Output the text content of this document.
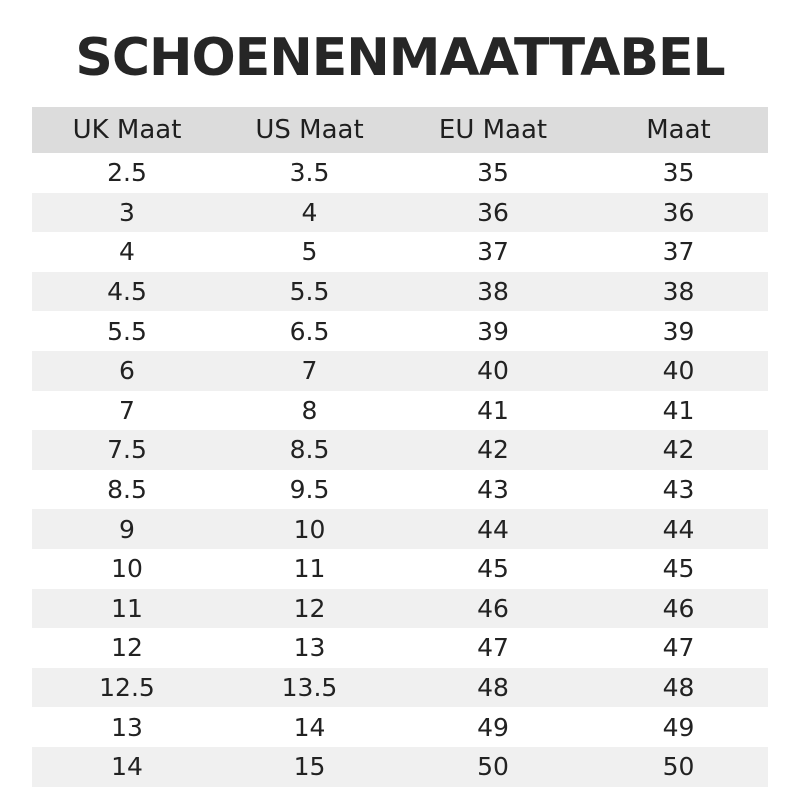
SCHOENENMAATTABEL
UK Maat	US Maat	EU Maat	Maat
2.5	3.5	35	35
3	4	36	36
4	5	37	37
4.5	5.5	38	38
5.5	6.5	39	39
6	7	40	40
7	8	41	41
7.5	8.5	42	42
8.5	9.5	43	43
9	10	44	44
10	11	45	45
11	12	46	46
12	13	47	47
12.5	13.5	48	48
13	14	49	49
14	15	50	50
